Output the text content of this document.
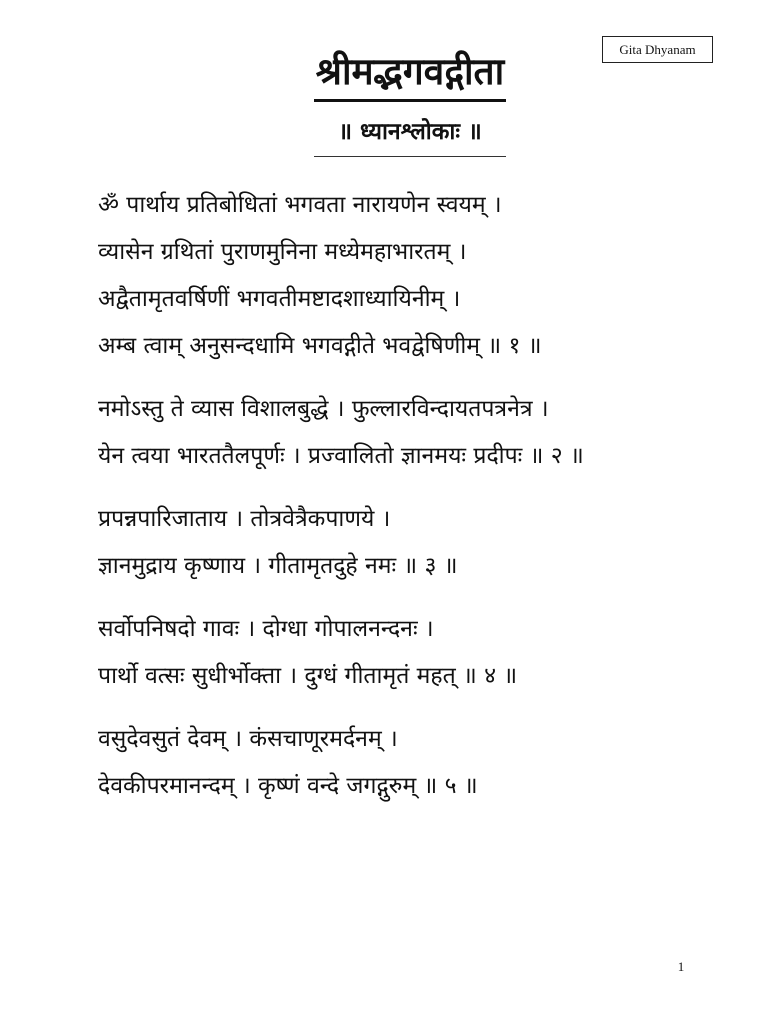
Gita Dhyanam
श्रीमद्भगवद्गीता
॥ ध्यानश्लोकाः ॥
ॐ पार्थाय प्रतिबोधितां भगवता नारायणेन स्वयम् ।
व्यासेन ग्रथितां पुराणमुनिना मध्येमहाभारतम् ।
अद्वैतामृतवर्षिणीं भगवतीमष्टादशाध्यायिनीम् ।
अम्ब त्वाम् अनुसन्दधामि भगवद्गीते भवद्वेषिणीम् ॥ १ ॥
नमोऽस्तु ते व्यास विशालबुद्धे । फुल्लारविन्दायतपत्रनेत्र ।
येन त्वया भारततैलपूर्णः । प्रज्वालितो ज्ञानमयः प्रदीपः ॥ २ ॥
प्रपन्नपारिजाताय । तोत्रवेत्रैकपाणये ।
ज्ञानमुद्राय कृष्णाय । गीतामृतदुहे नमः ॥ ३ ॥
सर्वोपनिषदो गावः । दोग्धा गोपालनन्दनः ।
पार्थो वत्सः सुधीर्भोक्ता । दुग्धं गीतामृतं महत् ॥ ४ ॥
वसुदेवसुतं देवम् । कंसचाणूरमर्दनम् ।
देवकीपरमानन्दम् । कृष्णं वन्दे जगद्गुरुम् ॥ ५ ॥
1
